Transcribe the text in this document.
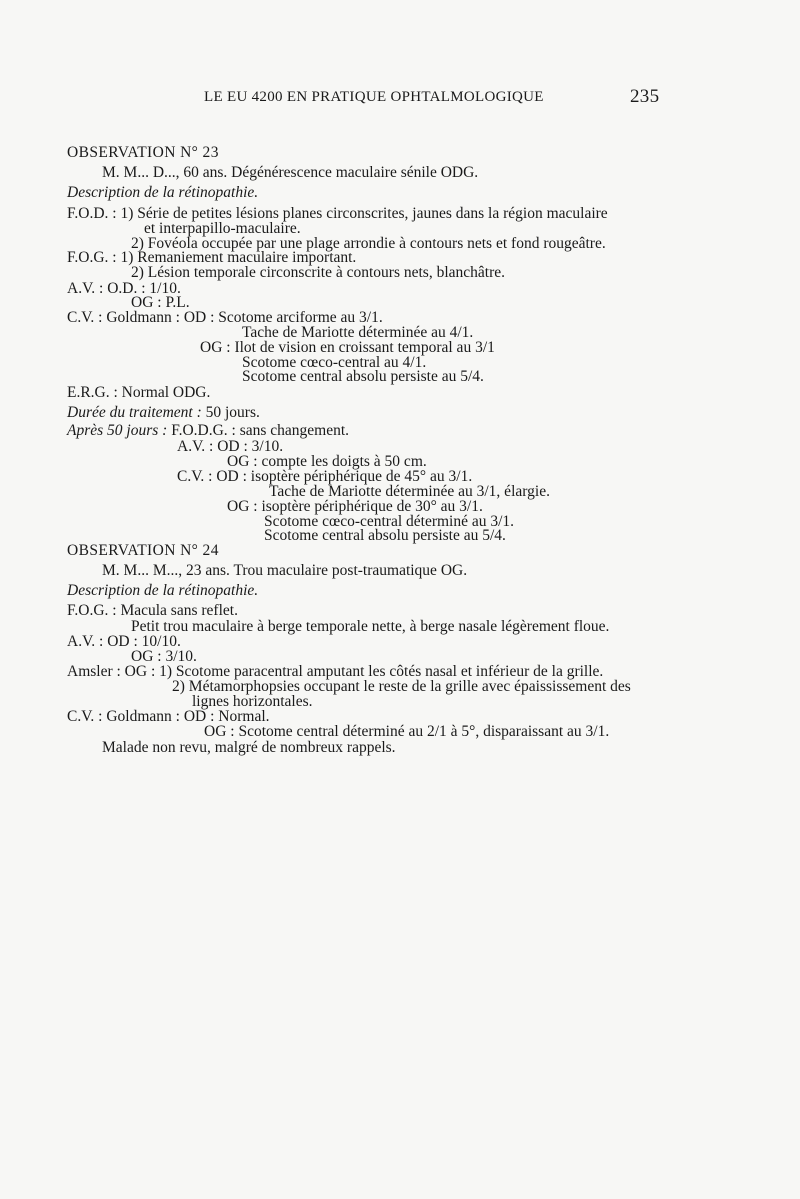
LE EU 4200 EN PRATIQUE OPHTALMOLOGIQUE	235
OBSERVATION N° 23
M. M... D..., 60 ans. Dégénérescence maculaire sénile ODG.
Description de la rétinopathie.
F.O.D. : 1) Série de petites lésions planes circonscrites, jaunes dans la région maculaire
et interpapillo-maculaire.
2) Fovéola occupée par une plage arrondie à contours nets et fond rougeâtre.
F.O.G. : 1) Remaniement maculaire important.
2) Lésion temporale circonscrite à contours nets, blanchâtre.
A.V. : O.D. : 1/10.
OG : P.L.
C.V. : Goldmann : OD : Scotome arciforme au 3/1.
Tache de Mariotte déterminée au 4/1.
OG : Ilot de vision en croissant temporal au 3/1
Scotome cœco-central au 4/1.
Scotome central absolu persiste au 5/4.
E.R.G. : Normal ODG.
Durée du traitement : 50 jours.
Après 50 jours : F.O.D.G. : sans changement.
A.V. : OD : 3/10.
OG : compte les doigts à 50 cm.
C.V. : OD : isoptère périphérique de 45° au 3/1.
Tache de Mariotte déterminée au 3/1, élargie.
OG : isoptère périphérique de 30° au 3/1.
Scotome cœco-central déterminé au 3/1.
Scotome central absolu persiste au 5/4.
OBSERVATION N° 24
M. M... M..., 23 ans. Trou maculaire post-traumatique OG.
Description de la rétinopathie.
F.O.G. : Macula sans reflet.
Petit trou maculaire à berge temporale nette, à berge nasale légèrement floue.
A.V. : OD : 10/10.
OG : 3/10.
Amsler : OG : 1) Scotome paracentral amputant les côtés nasal et inférieur de la grille.
2) Métamorphopsies occupant le reste de la grille avec épaississement des
lignes horizontales.
C.V. : Goldmann : OD : Normal.
OG : Scotome central déterminé au 2/1 à 5°, disparaissant au 3/1.
Malade non revu, malgré de nombreux rappels.
